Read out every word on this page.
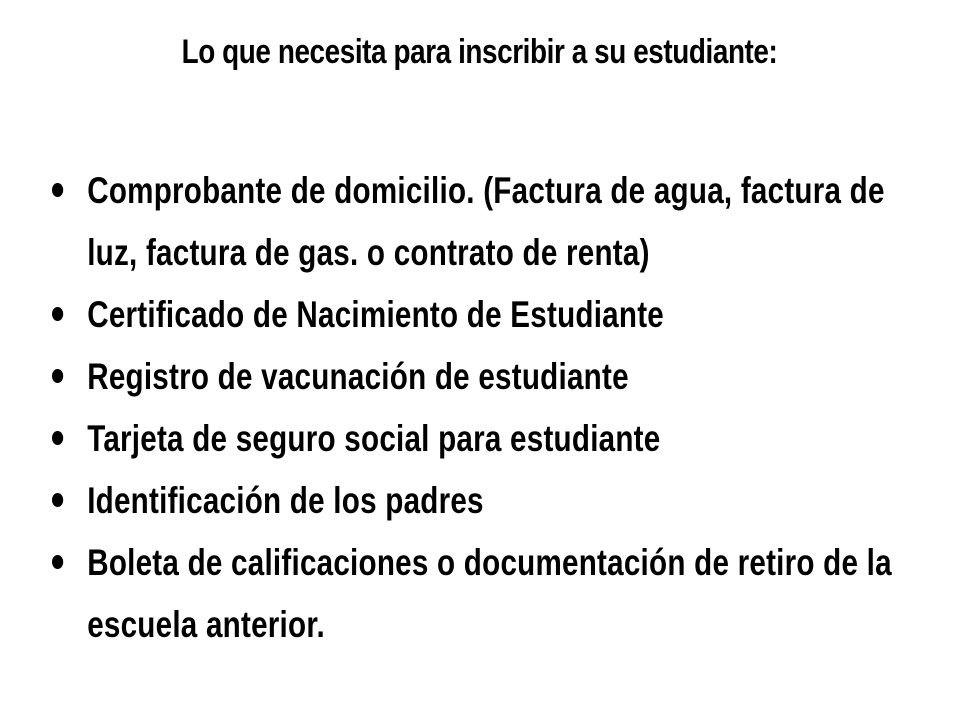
Lo que necesita para inscribir a su estudiante:
Comprobante de domicilio. (Factura de agua, factura de luz, factura de gas. o contrato de renta)
Certificado de Nacimiento de Estudiante
Registro de vacunación de estudiante
Tarjeta de seguro social para estudiante
Identificación de los padres
Boleta de calificaciones o documentación de retiro de la escuela anterior.
